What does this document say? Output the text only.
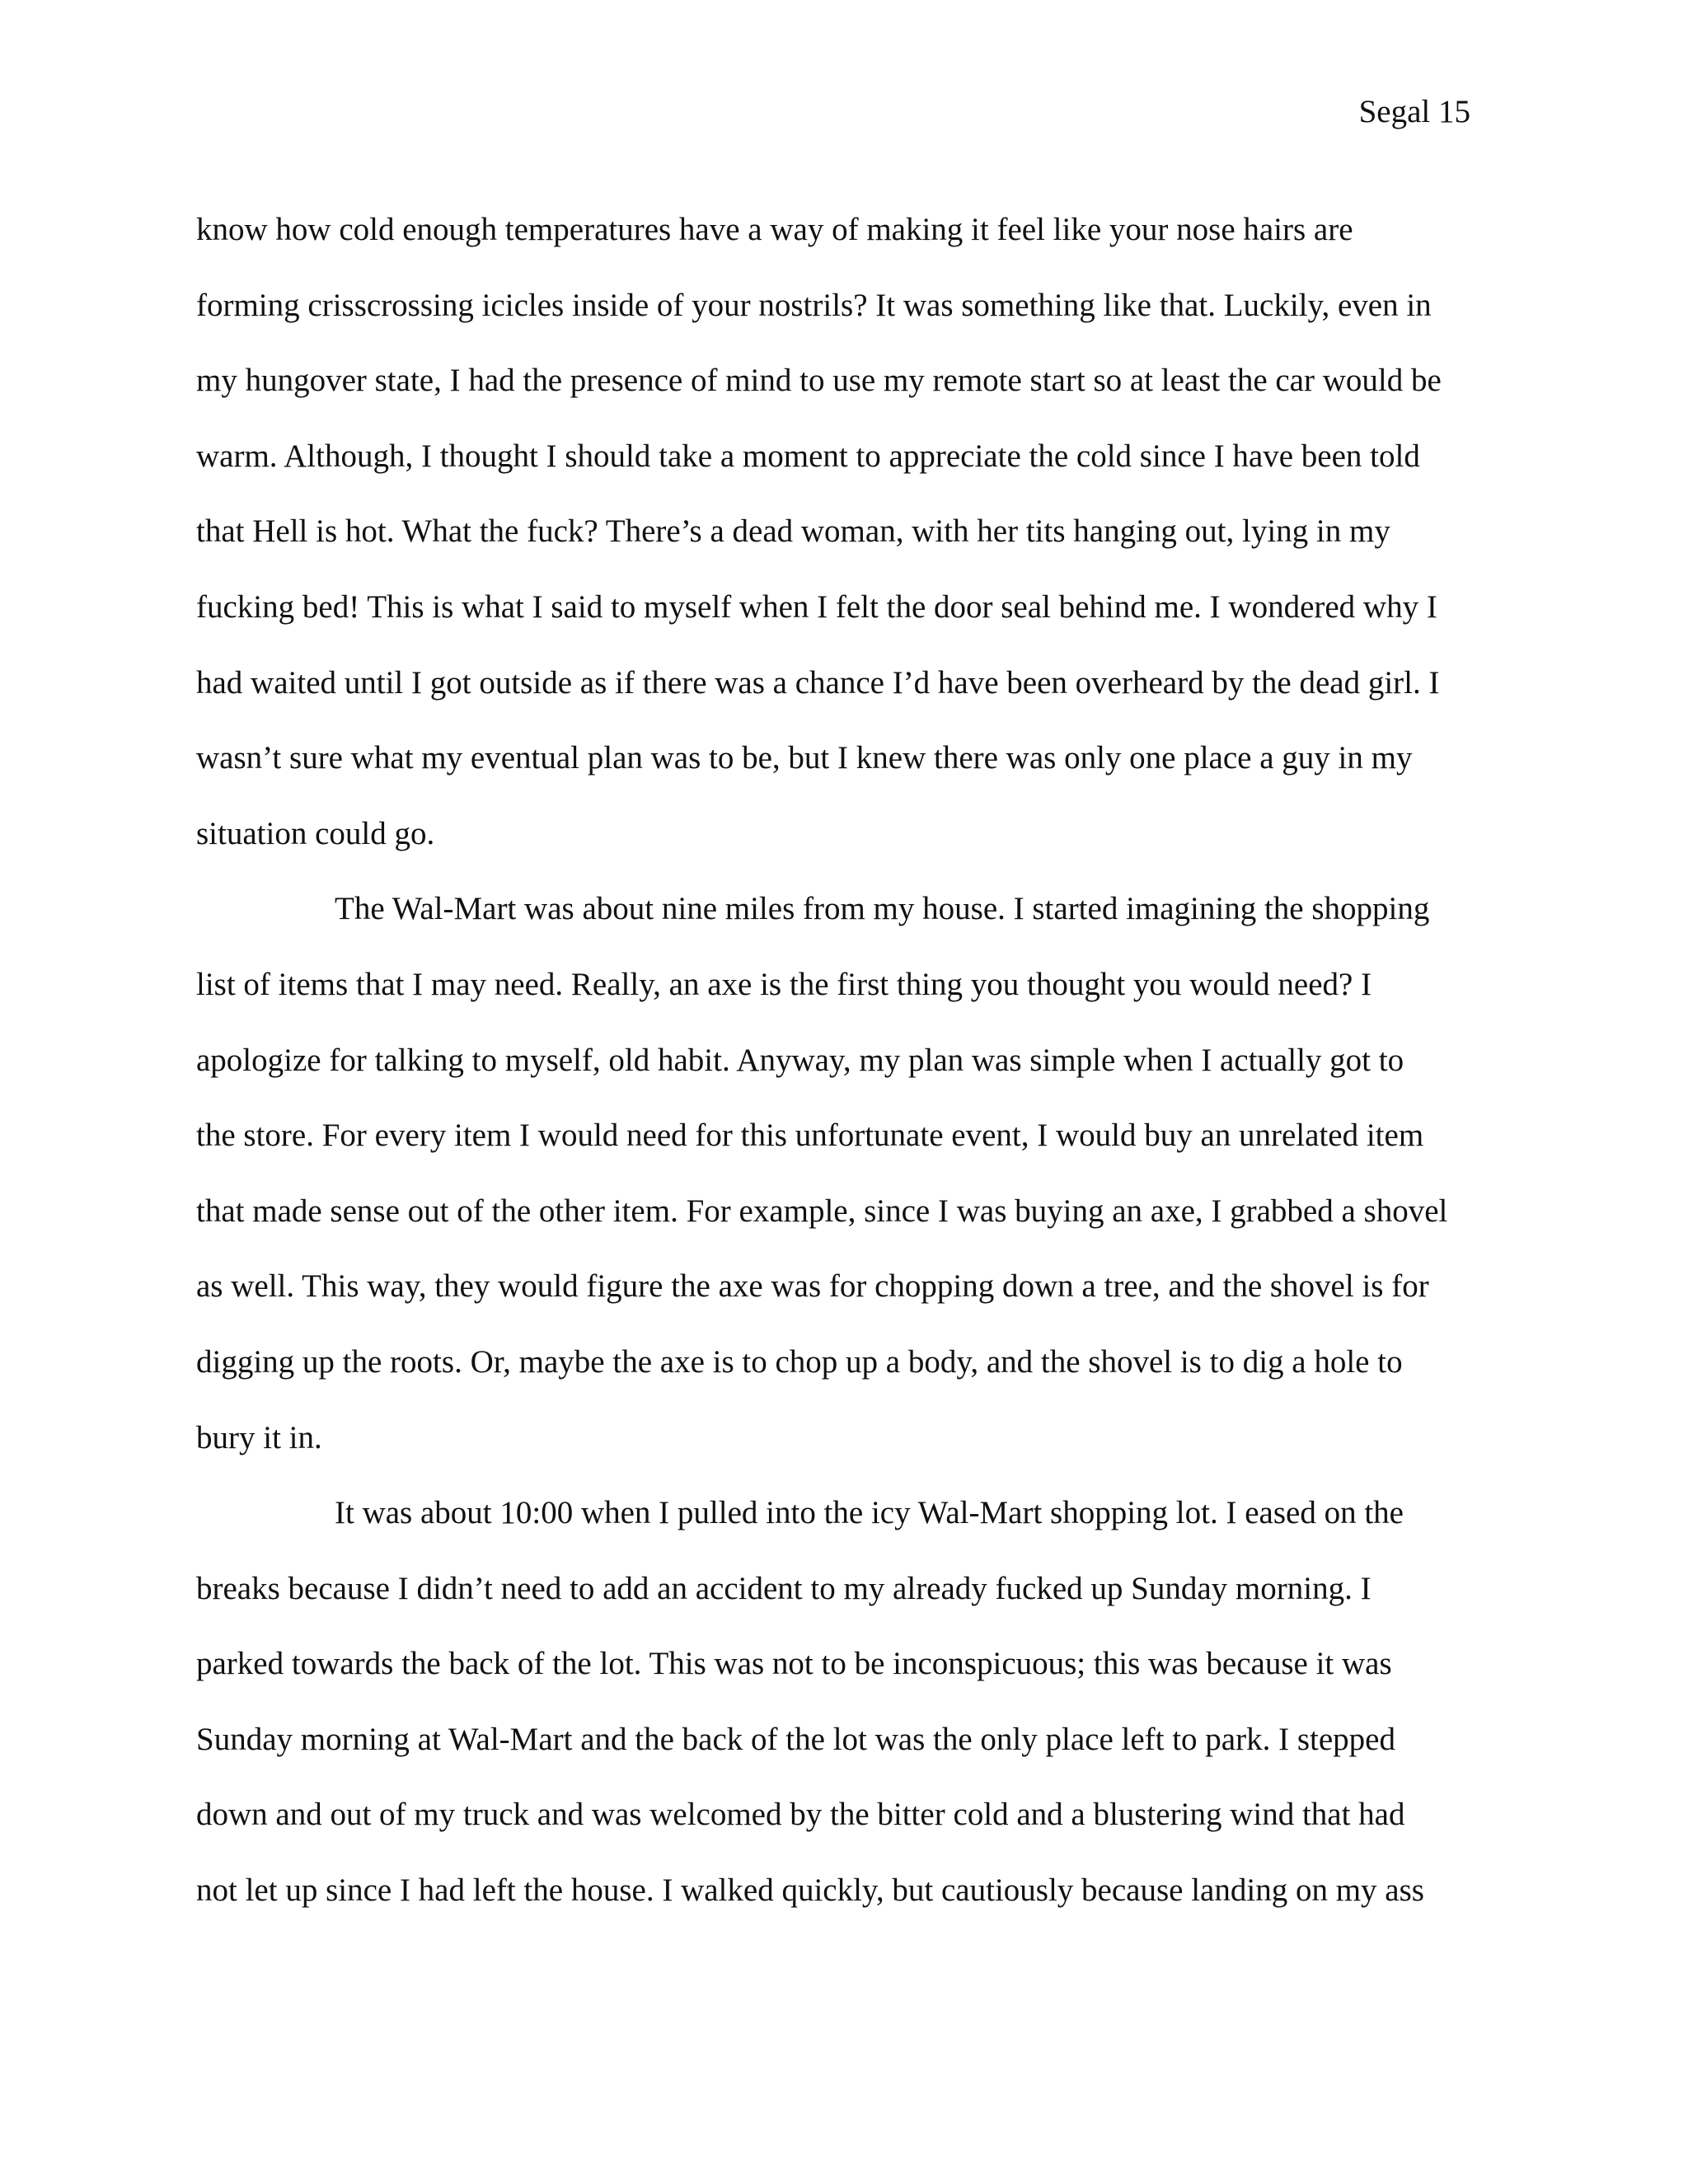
Segal 15
know how cold enough temperatures have a way of making it feel like your nose hairs are
forming crisscrossing icicles inside of your nostrils? It was something like that. Luckily, even in
my hungover state, I had the presence of mind to use my remote start so at least the car would be
warm. Although, I thought I should take a moment to appreciate the cold since I have been told
that Hell is hot. What the fuck? There’s a dead woman, with her tits hanging out, lying in my
fucking bed! This is what I said to myself when I felt the door seal behind me. I wondered why I
had waited until I got outside as if there was a chance I’d have been overheard by the dead girl. I
wasn’t sure what my eventual plan was to be, but I knew there was only one place a guy in my
situation could go.
The Wal-Mart was about nine miles from my house. I started imagining the shopping
list of items that I may need. Really, an axe is the first thing you thought you would need? I
apologize for talking to myself, old habit. Anyway, my plan was simple when I actually got to
the store. For every item I would need for this unfortunate event, I would buy an unrelated item
that made sense out of the other item. For example, since I was buying an axe, I grabbed a shovel
as well. This way, they would figure the axe was for chopping down a tree, and the shovel is for
digging up the roots. Or, maybe the axe is to chop up a body, and the shovel is to dig a hole to
bury it in.
It was about 10:00 when I pulled into the icy Wal-Mart shopping lot. I eased on the
breaks because I didn’t need to add an accident to my already fucked up Sunday morning. I
parked towards the back of the lot. This was not to be inconspicuous; this was because it was
Sunday morning at Wal-Mart and the back of the lot was the only place left to park. I stepped
down and out of my truck and was welcomed by the bitter cold and a blustering wind that had
not let up since I had left the house. I walked quickly, but cautiously because landing on my ass
